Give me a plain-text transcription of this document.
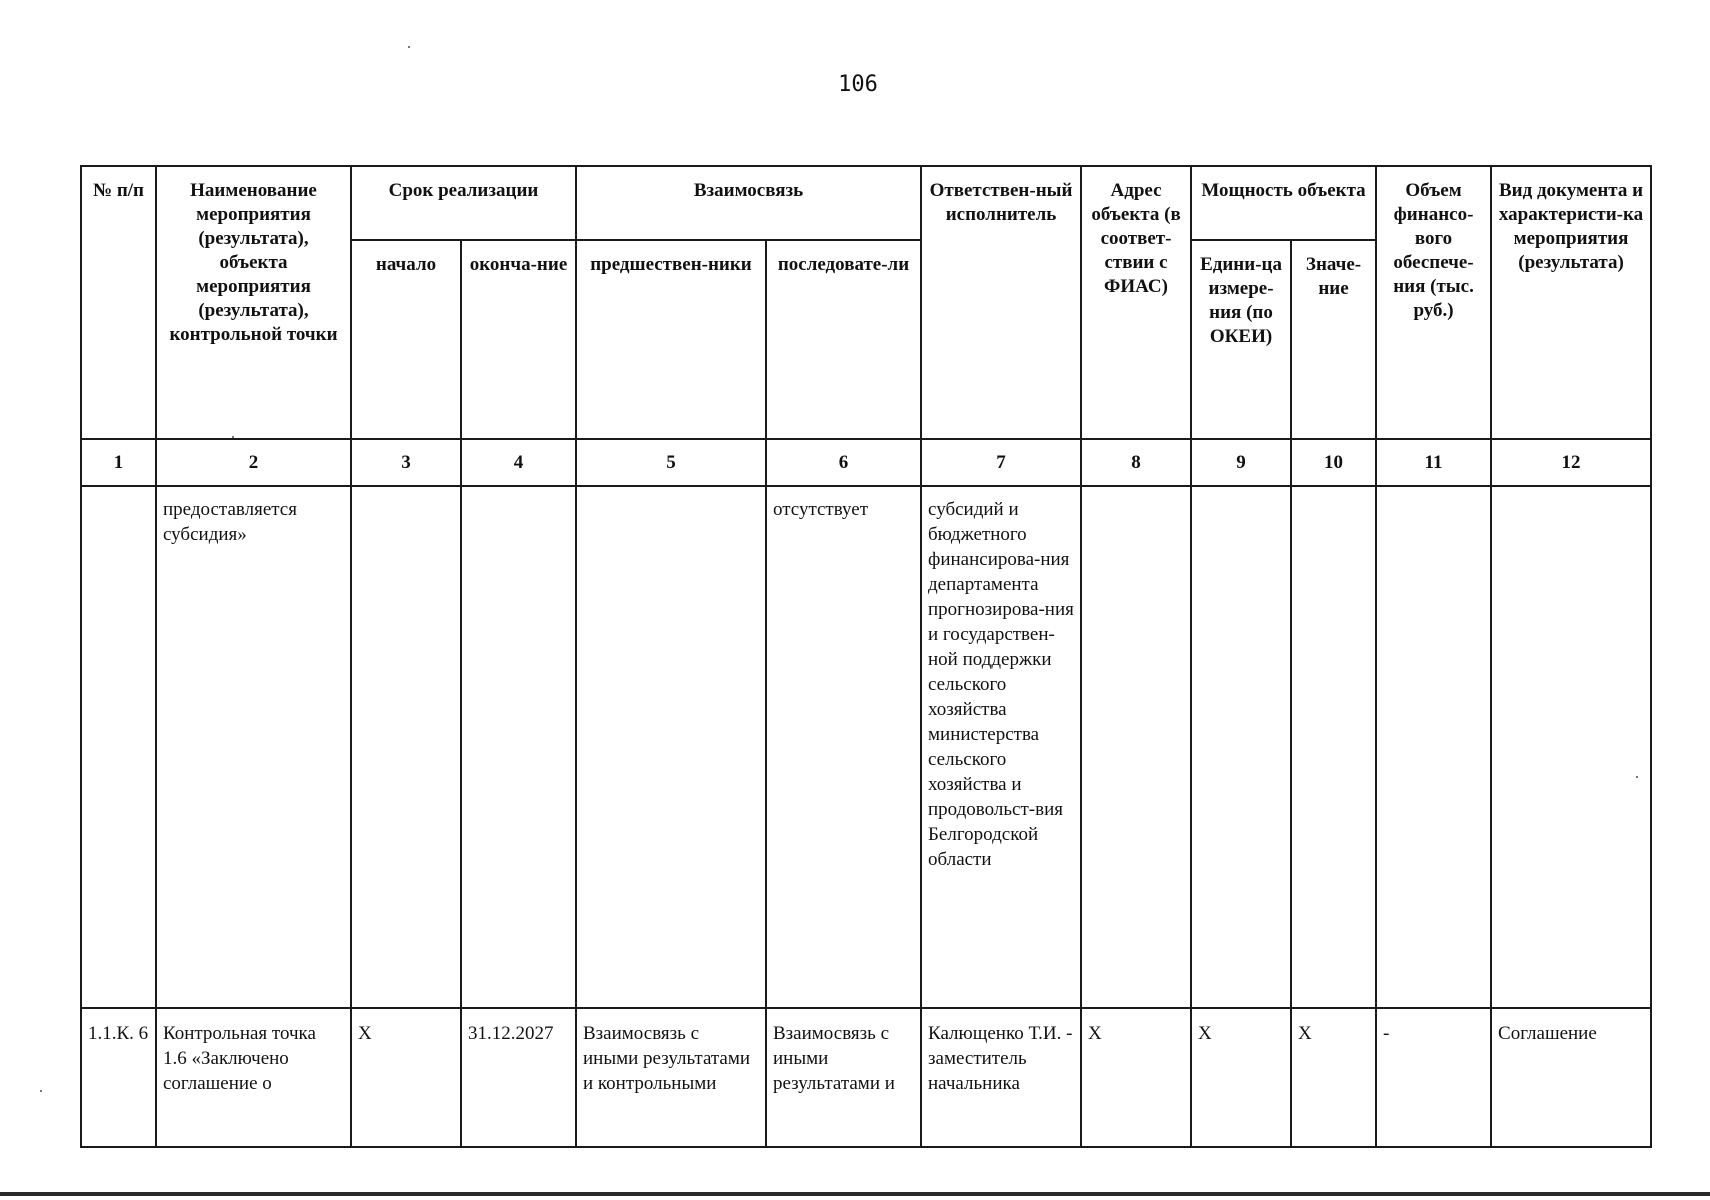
106
№ п/п	Наименование мероприятия (результата), объекта мероприятия (результата), контрольной точки	Срок реализации		Взаимосвязь		Ответствен-ный исполнитель	Адрес объекта (в соответ-ствии с ФИАС)	Мощность объекта		Объем финансо-вого обеспече-ния (тыс. руб.)	Вид документа и характеристи-ка мероприятия (результата)
		начало	оконча-ние	предшествен-ники	последовате-ли			Едини-ца измере-ния (по ОКЕИ)	Значе-ние		
1	2	3	4	5	6	7	8	9	10	11	12
	предоставляется субсидия»				отсутствует	субсидий и бюджетного финансирова-ния департамента прогнозирова-ния и государствен-ной поддержки сельского хозяйства министерства сельского хозяйства и продовольст-вия Белгородской области					
1.1.К. 6	Контрольная точка 1.6 «Заключено соглашение о	Х	31.12.2027	Взаимосвязь с иными результатами и контрольными	Взаимосвязь с иными результатами и	Калющенко Т.И. - заместитель начальника	Х	Х	Х	-	Соглашение
